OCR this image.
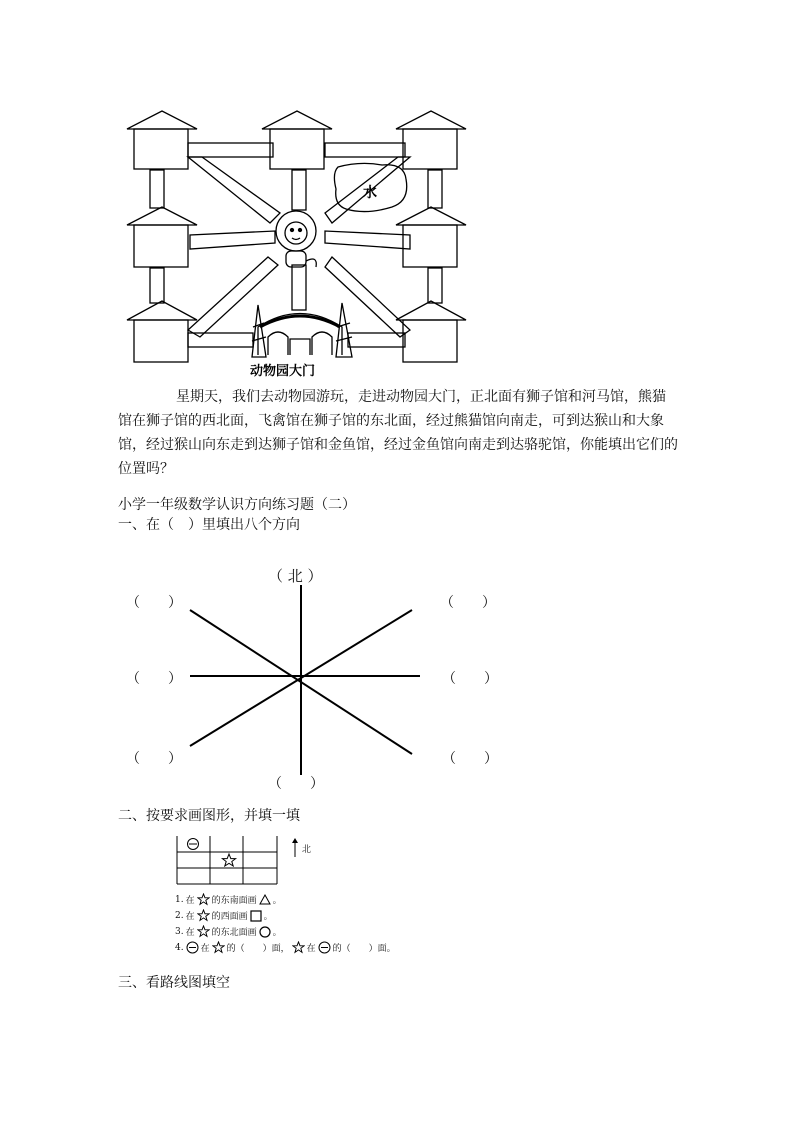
水
动物园大门
星期天，我们去动物园游玩，走进动物园大门，正北面有狮子馆和河马馆，熊猫馆在狮子馆的西北面，飞禽馆在狮子馆的东北面，经过熊猫馆向南走，可到达猴山和大象馆，经过猴山向东走到达狮子馆和金鱼馆，经过金鱼馆向南走到达骆驼馆，你能填出它们的位置吗？
小学一年级数学认识方向练习题（二）
一、在（　）里填出八个方向
（ 北 ）
（　　）	（　　）
（　　）	（　　）
（　　）	（　　）
（　　）
二、按要求画图形，并填一填
北
1. 在 的东南面画 。
2. 在 的西面画 。
3. 在 的东北面画 。
4. 在 的（　　）面， 在 的（　　）面。
三、看路线图填空
